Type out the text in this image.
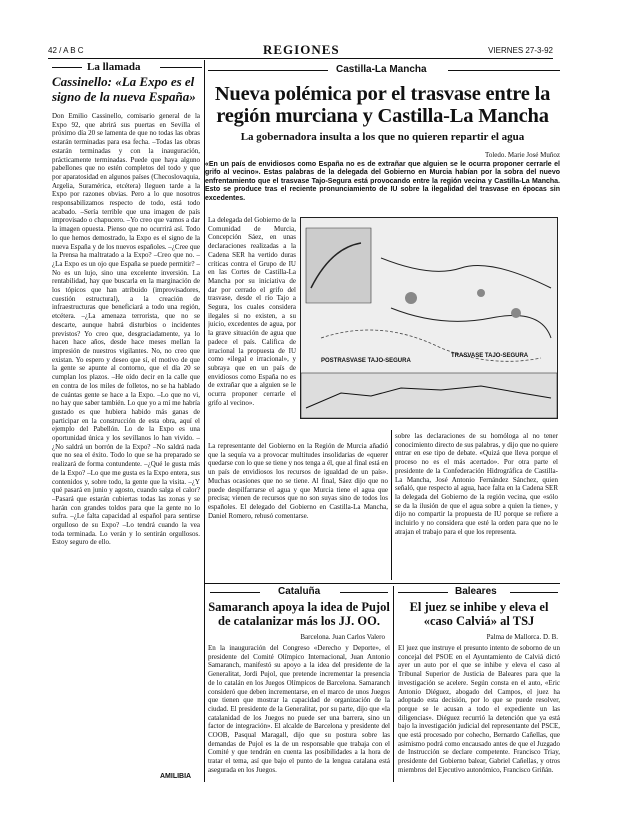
42 / A B C	REGIONES	VIERNES 27-3-92
La llamada
Cassinello: «La Expo es el signo de la nueva España»

Don Emilio Cassinello, comisario general de la Expo 92, que abrirá sus puertas en Sevilla el próximo día 20 se lamenta de que no todas las obras estarán terminadas para esa fecha. –Todas las obras estarán terminadas y con la inauguración, prácticamente terminadas. Puede que haya alguno pabellones que no estén completos del todo y que por aparatosidad en algunos países (Checoslovaquia, Argelia, Suramérica, etcétera) lleguen tarde a la Expo por razones obvias. Pero a lo que nosotros responsabilizamos respecto de todo, está todo acabado. –Sería terrible que una imagen de país improvisado o chapucero. –Yo creo que vamos a dar la imagen opuesta. Pienso que no ocurrirá así. Todo lo que hemos demostrado, la Expo es el signo de la nueva España y de los nuevos españoles. –¿Cree que la Prensa ha maltratado a la Expo? –Creo que no. –¿La Expo es un ojo que España se puede permitir? –No es un lujo, sino una excelente inversión. La rentabilidad, hay que buscarla en la marginación de los tópicos que han atribuido (improvisadores, cuestión estructural), a la creación de infraestructuras que beneficiará a todo una región, etcétera. –¿La amenaza terrorista, que no se descarte, aunque habrá disturbios o incidentes previstos? Yo creo que, desgraciadamente, ya lo hacen hace años, desde hace meses mellan la impresión de nuestros vigilantes. No, no creo que existan. Yo espero y deseo que sí, el motivo de que la gente se apunte al contorno, que el día 20 se cumplan los plazos. –He oído decir en la calle que en contra de los miles de folletos, no se ha hablado de cuántas gente se hace a la Expo. –Lo que no vi, no hay que saber también. Lo que yo a mí me habría gustado es que hubiera habido más ganas de participar en la construcción de esta obra, aquí el ejemplo del Pabellón. Lo de la Expo es una oportunidad única y los sevillanos lo han vivido. –¿No saldrá un borrón de la Expo? –No saldrá nada que no sea el éxito. Todo lo que se ha preparado se realizará de forma contundente. –¿Qué le gusta más de la Expo? –Lo que me gusta es la Expo entera, sus contenidos y, sobre todo, la gente que la visita. –¿Y qué pasará en junio y agosto, cuando salga el calor? –Pasará que estarán cubiertas todas las zonas y se harán con grandes toldos para que la gente no lo sufra. –¿Le falta capacidad al español para sentirse orgulloso de su Expo? –Lo tendrá cuando la vea toda terminada. Lo verán y lo sentirán orgullosos. Estoy seguro de ello.

AMILIBIA
Castilla-La Mancha
Nueva polémica por el trasvase entre la región murciana y Castilla-La Mancha
La gobernadora insulta a los que no quieren repartir el agua
Toledo. Marie José Muñoz
«En un país de envidiosos como España no es de extrañar que alguien se le ocurra proponer cerrarle el grifo al vecino». Estas palabras de la delegada del Gobierno en Murcia habían por la sobra del nuevo enfrentamiento que el trasvase Tajo-Segura está provocando entre la región vecina y Castilla-La Mancha. Esto se produce tras el reciente pronunciamiento de IU sobre la ilegalidad del trasvase en épocas sin excedentes.

La delegada del Gobierno de la Comunidad de Murcia, Concepción Sáez, en unas declaraciones realizadas a la Cadena SER ha vertido duras críticas contra el Grupo de IU en las Cortes de Castilla-La Mancha por su iniciativa de dar por cerrado el grifo del trasvase, desde el río Tajo a Segura, los cuales considera ilegales si no existen, a su juicio, excedentes de agua, por la grave situación de agua que padece el país. Califica de irracional la propuesta de IU como «ilegal e irracional», y subraya que en un país de envidiosos como España no es de extrañar que a alguien se le ocurra proponer cerrarle el grifo al vecino».

TRASVASE TAJO-SEGURA
POSTRASVASE TAJO-SEGURA

La representante del Gobierno en la Región de Murcia añadió que la sequía va a provocar multitudes insolidarias de «querer quedarse con lo que se tiene y nos tenga a él, que al final está en un país de envidiosos los recursos de igualdad de un país». Muchas ocasiones que no se tiene. Al final, Sáez dijo que no puede despilfarrarse el agua y que Murcia tiene el agua que precisa; vienen de recursos que no son suyas sino de todos los españoles. El delegado del Gobierno en Castilla-La Mancha, Daniel Romero, rehusó comentarse.

sobre las declaraciones de su homóloga al no tener conocimiento directo de sus palabras, y dijo que no quiere entrar en ese tipo de debate. «Quizá que lleva porque el proceso no es el más acertado». Por otra parte el presidente de la Confederación Hidrográfica de Castilla-La Mancha, José Antonio Fernández Sánchez, quien señaló, que respecto al agua, hace falta en la Cadena SER la delegada del Gobierno de la región vecina, que «sólo se da la ilusión de que el agua sobre a quien la tiene», y dijo no compartir la propuesta de IU porque se refiere a incluirlo y no considera que esté la orden para que no le atrajan el trabajo para el que los representa.

Cataluña
Samaranch apoya la idea de Pujol de catalanizar más los JJ. OO.
Barcelona. Juan Carlos Valero

En la inauguración del Congreso «Derecho y Deporte», el presidente del Comité Olímpico Internacional, Juan Antonio Samaranch, manifestó su apoyo a la idea del presidente de la Generalitat, Jordi Pujol, que pretende incrementar la presencia de lo catalán en los Juegos Olímpicos de Barcelona. Samaranch consideró que deben incrementarse, en el marco de unos Juegos que tienen que mostrar la capacidad de organización de la ciudad. El presidente de la Generalitat, por su parte, dijo que «la catalanidad de los Juegos no puede ser una barrera, sino un factor de integración». El alcalde de Barcelona y presidente del COOB, Pasqual Maragall, dijo que su postura sobre las demandas de Pujol es la de un responsable que trabaja con el Comité y que tendrán en cuenta las posibilidades a la hora de tratar el tema, así que bajo el punto de la lengua catalana está asegurada en los Juegos.

Baleares
El juez se inhibe y eleva el «caso Calviá» al TSJ
Palma de Mallorca. D. B.

El juez que instruye el presunto intento de soborno de un concejal del PSOE en el Ayuntamiento de Calviá dictó ayer un auto por el que se inhibe y eleva el caso al Tribunal Superior de Justicia de Baleares para que la investigación se acelere. Según consta en el auto, «Eric Antonio Diéguez, abogado del Campos, el juez ha adoptado esta decisión, por lo que se puede resolver, porque se le acusan a todo el expediente un las diligencias». Diéguez recurrió la detención que ya está bajo la investigación judicial del representante del PSCE, que está procesado por cohecho, Bernardo Cañellas, que asimismo podrá como encausado antes de que el Juzgado de Instrucción se declare competente. Francisco Triay, presidente del Gobierno balear, Gabriel Cañellas, y otros miembros del Ejecutivo autonómico, Francisco Griñán.
